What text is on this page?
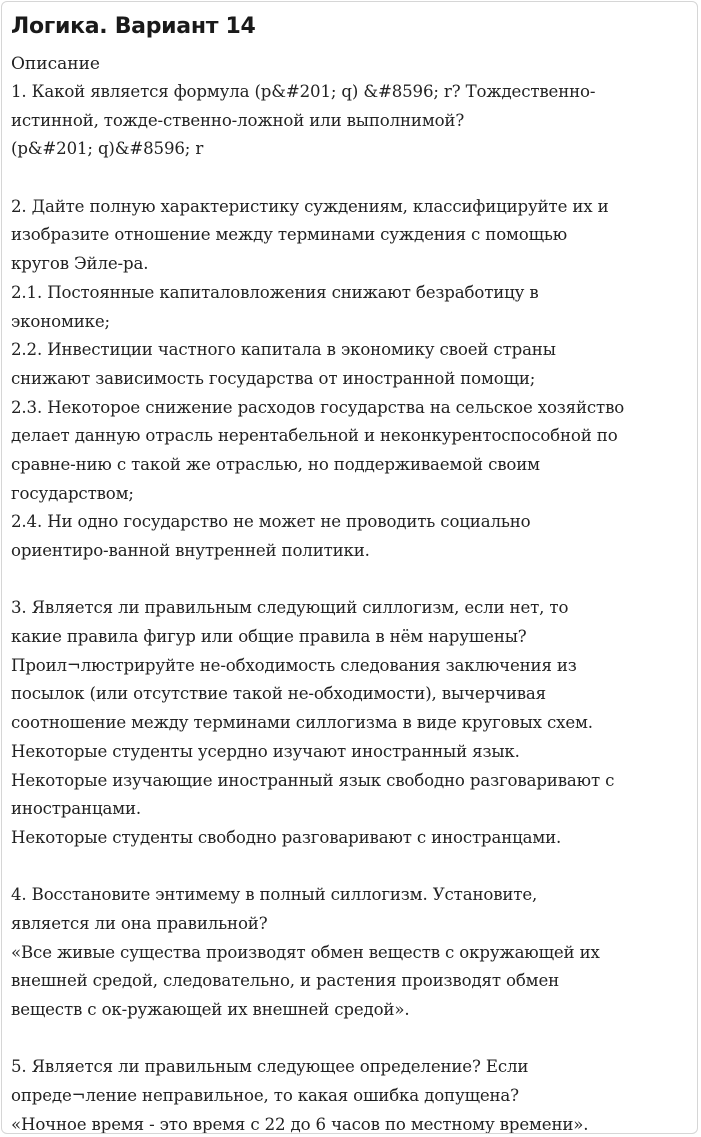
Логика. Вариант 14
Описание
1. Какой является формула (p&#201; q) &#8596; r? Тождественно-
истинной, тожде-ственно-ложной или выполнимой?
(p&#201; q)&#8596; r
2. Дайте полную характеристику суждениям, классифицируйте их и
изобразите отношение между терминами суждения с помощью
кругов Эйле-ра.
2.1. Постоянные капиталовложения снижают безработицу в
экономике;
2.2. Инвестиции частного капитала в экономику своей страны
снижают зависимость государства от иностранной помощи;
2.3. Некоторое снижение расходов государства на сельское хозяйство
делает данную отрасль нерентабельной и неконкурентоспособной по
сравне-нию с такой же отраслью, но поддерживаемой своим
государством;
2.4. Ни одно государство не может не проводить социально
ориентиро-ванной внутренней политики.
3. Является ли правильным следующий силлогизм, если нет, то
какие правила фигур или общие правила в нём нарушены?
Проил¬люстрируйте не-обходимость следования заключения из
посылок (или отсутствие такой не-обходимости), вычерчивая
соотношение между терминами силлогизма в виде круговых схем.
Некоторые студенты усердно изучают иностранный язык.
Некоторые изучающие иностранный язык свободно разговаривают с
иностранцами.
Некоторые студенты свободно разговаривают с иностранцами.
4. Восстановите энтимему в полный силлогизм. Установите,
является ли она правильной?
«Все живые существа производят обмен веществ с окружающей их
внешней средой, следовательно, и растения производят обмен
веществ с ок-ружающей их внешней средой».
5. Является ли правильным следующее определение? Если
опреде¬ление неправильное, то какая ошибка допущена?
«Ночное время - это время с 22 до 6 часов по местному времени».
